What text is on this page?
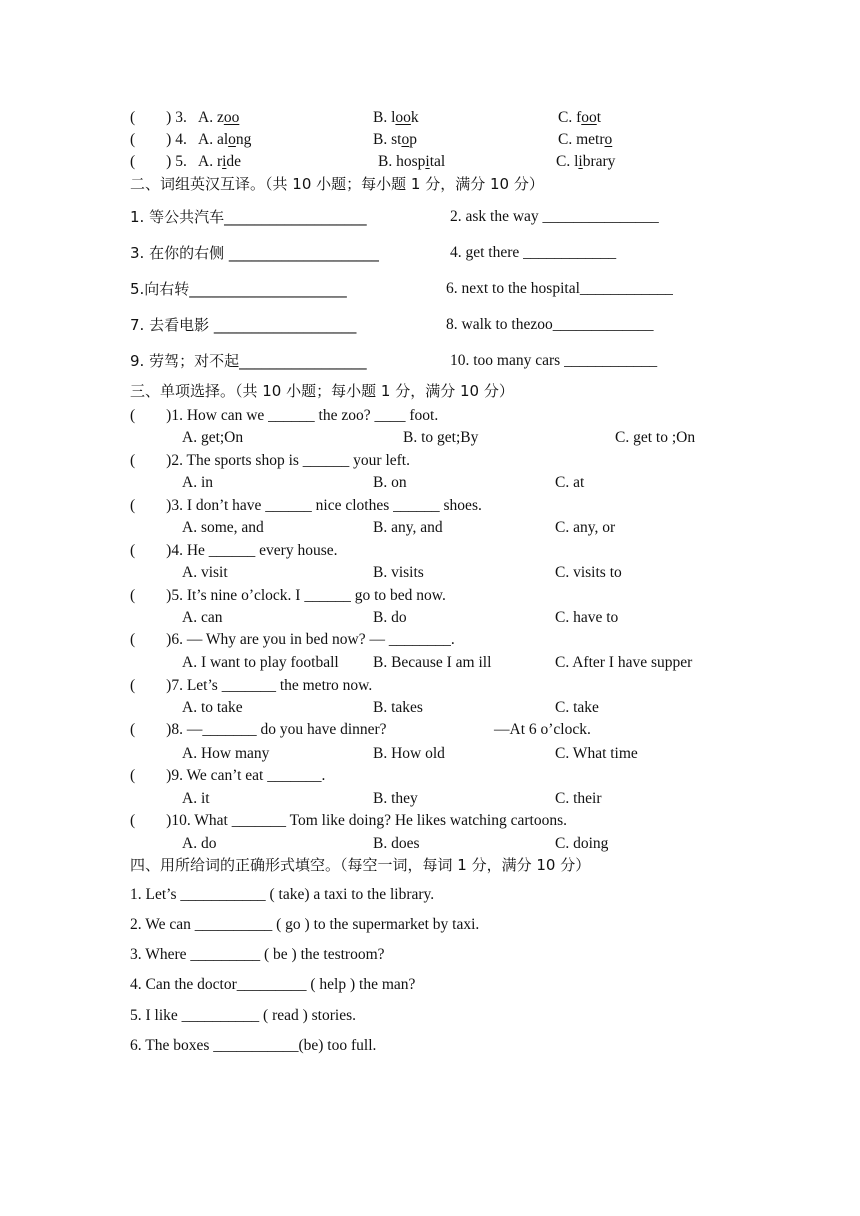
(　　) 3. A. zoo	B. look	C. foot
(　　) 4. A. along	B. stop	C. metro
(　　) 5. A. ride	B. hospital	C. library
二、词组英汉互译。（共 10 小题；每小题 1 分，满分 10 分）
1. 等公共汽车___________________	2. ask the way _______________
3. 在你的右侧 ____________________	4. get there ____________
5.向右转_____________________	6. next to the hospital____________
7. 去看电影 ___________________	8. walk to thezoo_____________
9. 劳驾；对不起_________________	10. too many cars ____________
三、单项选择。（共 10 小题；每小题 1 分，满分 10 分）
(　　)1. How can we ______ the zoo? ____ foot.
A. get;On	B. to get;By	C. get to ;On
(　　)2. The sports shop is ______ your left.
A. in	B. on	C. at
(　　)3. I don’t have ______ nice clothes ______ shoes.
A. some, and	B. any, and	C. any, or
(　　)4. He ______ every house.
A. visit	B. visits	C. visits to
(　　)5. It’s nine o’clock. I ______ go to bed now.
A. can	B. do	C. have to
(　　)6. — Why are you in bed now? — ________.
A. I want to play football B. Because I am ill	C. After I have supper
(　　)7. Let’s _______ the metro now.
A. to take	B. takes	C. take
(　　)8. —_______ do you have dinner?	—At 6 o’clock.
A. How many	B. How old	C. What time
(　　)9. We can’t eat _______.
A. it	B. they	C. their
(　　)10. What _______ Tom like doing? He likes watching cartoons.
A. do	B. does	C. doing
四、用所给词的正确形式填空。（每空一词，每词 1 分，满分 10 分）
1. Let’s ___________ ( take) a taxi to the library.
2. We can __________ ( go ) to the supermarket by taxi.
3. Where _________ ( be ) the testroom?
4. Can the doctor_________ ( help ) the man?
5. I like __________ ( read ) stories.
6. The boxes ___________(be) too full.
